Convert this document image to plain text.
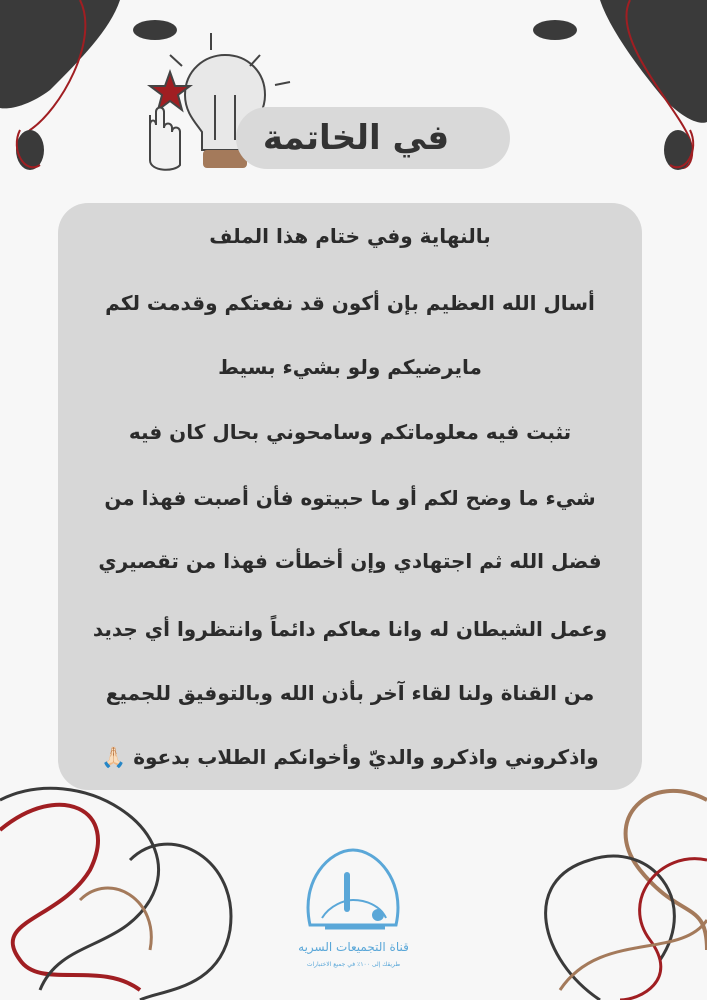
في الخاتمة
بالنهاية وفي ختام هذا الملف
أسال الله العظيم بإن أكون قد نفعتكم وقدمت لكم
مايرضيكم ولو بشيء بسيط
تثبت فيه معلوماتكم وسامحوني بحال كان فيه
شيء ما وضح لكم أو ما حبيتوه فأن أصبت فهذا من
فضل الله ثم اجتهادي وإن أخطأت فهذا من تقصيري
وعمل الشيطان له وانا معاكم دائماً وانتظروا أي جديد
من القناة ولنا لقاء آخر بأذن الله وبالتوفيق للجميع
واذكروني واذكرو والديّ وأخوانكم الطلاب بدعوة 🙏🏻
قناة التجميعات السريه
طريقك إلى ١٠٠٪ في جميع الاختبارات
